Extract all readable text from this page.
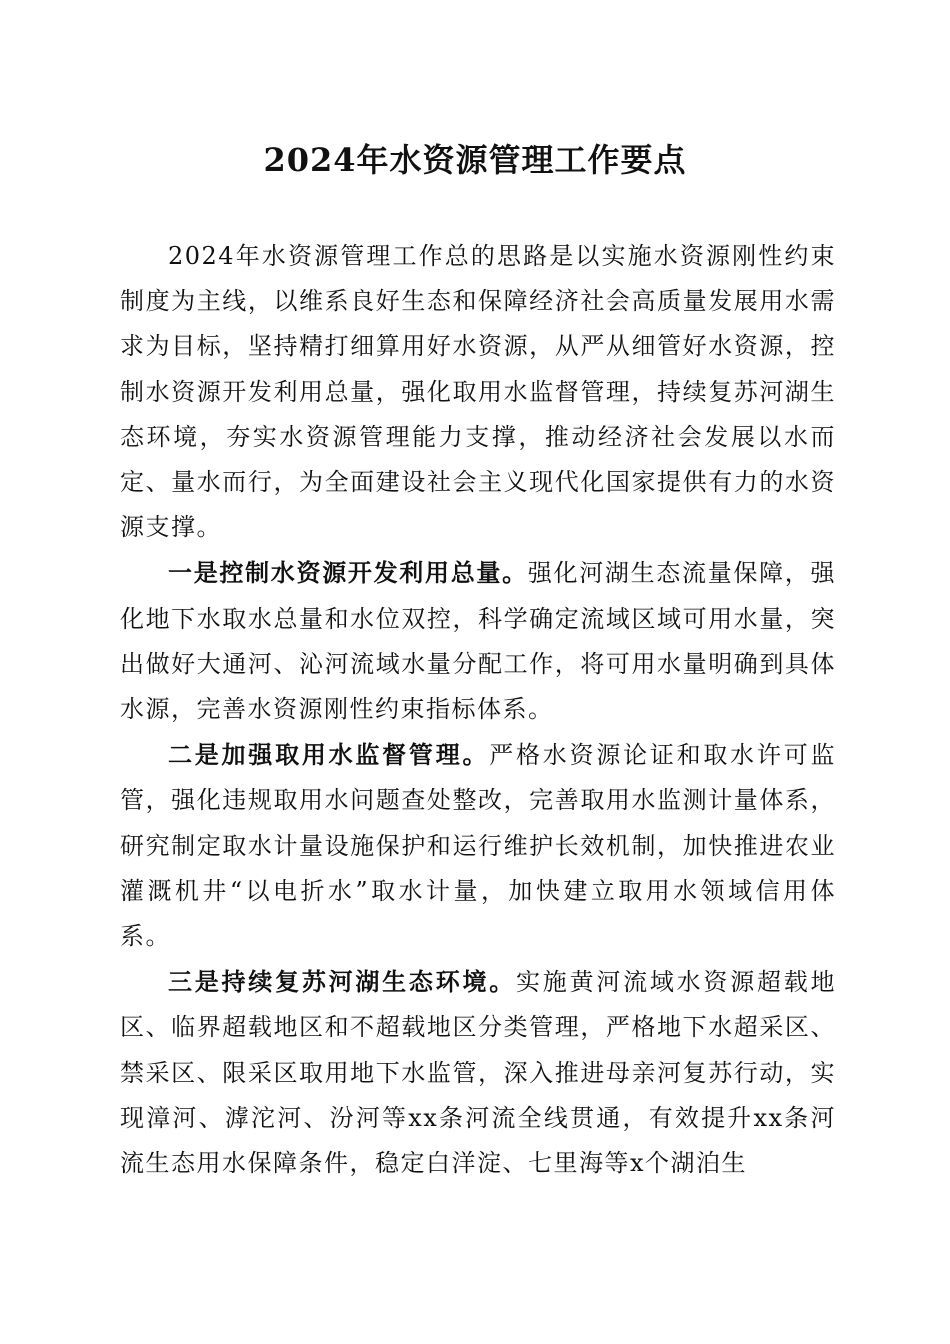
2024年水资源管理工作要点

2024年水资源管理工作总的思路是以实施水资源刚性约束制度为主线，以维系良好生态和保障经济社会高质量发展用水需求为目标，坚持精打细算用好水资源，从严从细管好水资源，控制水资源开发利用总量，强化取用水监督管理，持续复苏河湖生态环境，夯实水资源管理能力支撑，推动经济社会发展以水而定、量水而行，为全面建设社会主义现代化国家提供有力的水资源支撑。

一是控制水资源开发利用总量。强化河湖生态流量保障，强化地下水取水总量和水位双控，科学确定流域区域可用水量，突出做好大通河、沁河流域水量分配工作，将可用水量明确到具体水源，完善水资源刚性约束指标体系。

二是加强取用水监督管理。严格水资源论证和取水许可监管，强化违规取用水问题查处整改，完善取用水监测计量体系，研究制定取水计量设施保护和运行维护长效机制，加快推进农业灌溉机井“以电折水”取水计量，加快建立取用水领域信用体系。

三是持续复苏河湖生态环境。实施黄河流域水资源超载地区、临界超载地区和不超载地区分类管理，严格地下水超采区、禁采区、限采区取用地下水监管，深入推进母亲河复苏行动，实现漳河、滹沱河、汾河等xx条河流全线贯通，有效提升xx条河流生态用水保障条件，稳定白洋淀、七里海等x个湖泊生
